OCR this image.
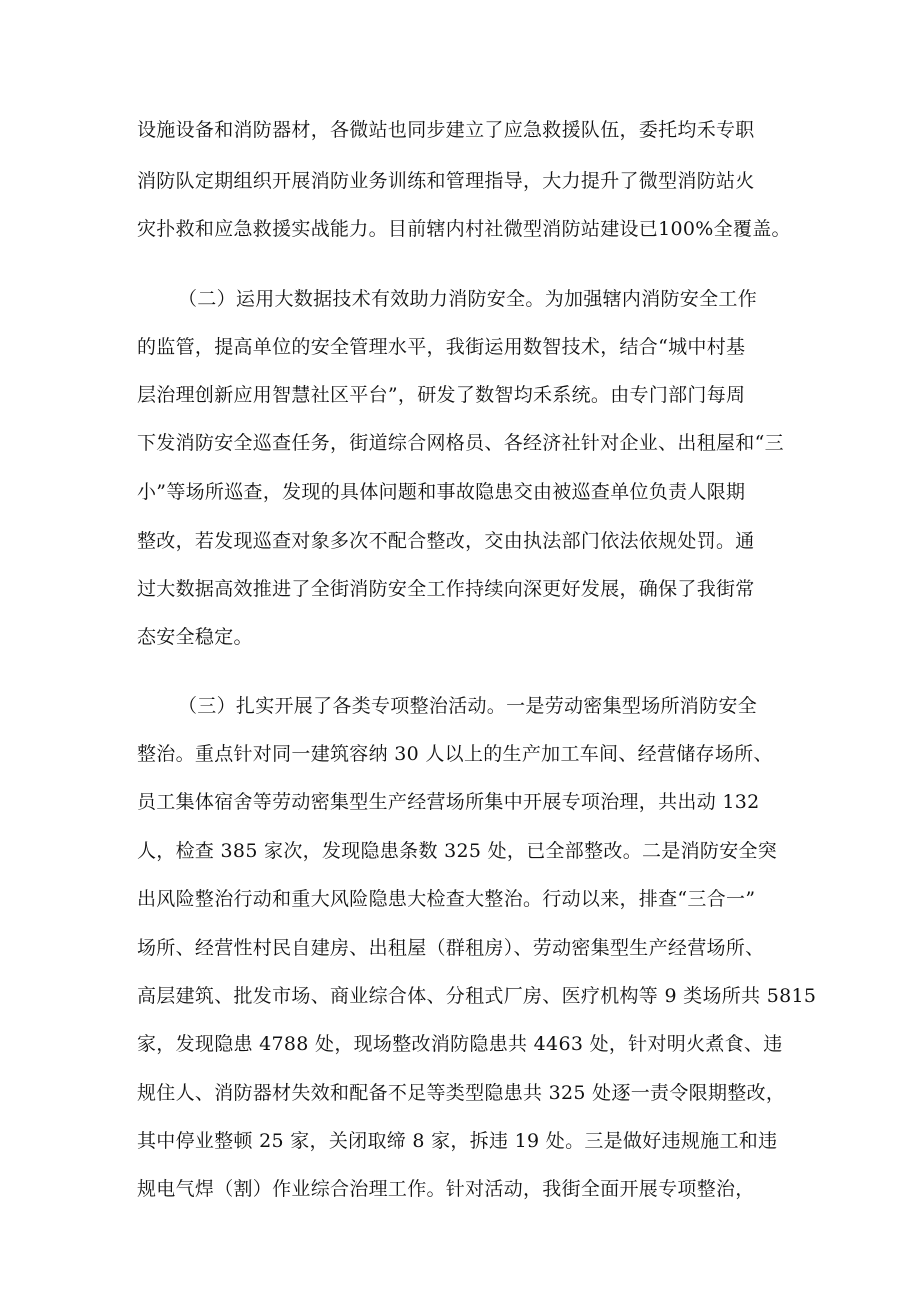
设施设备和消防器材，各微站也同步建立了应急救援队伍，委托均禾专职
消防队定期组织开展消防业务训练和管理指导，大力提升了微型消防站火
灾扑救和应急救援实战能力。目前辖内村社微型消防站建设已100%全覆盖。
（二）运用大数据技术有效助力消防安全。为加强辖内消防安全工作
的监管，提高单位的安全管理水平，我街运用数智技术，结合“城中村基
层治理创新应用智慧社区平台”，研发了数智均禾系统。由专门部门每周
下发消防安全巡查任务，街道综合网格员、各经济社针对企业、出租屋和“三
小”等场所巡查，发现的具体问题和事故隐患交由被巡查单位负责人限期
整改，若发现巡查对象多次不配合整改，交由执法部门依法依规处罚。通
过大数据高效推进了全街消防安全工作持续向深更好发展，确保了我街常
态安全稳定。
（三）扎实开展了各类专项整治活动。一是劳动密集型场所消防安全
整治。重点针对同一建筑容纳 30 人以上的生产加工车间、经营储存场所、
员工集体宿舍等劳动密集型生产经营场所集中开展专项治理，共出动 132
人，检查 385 家次，发现隐患条数 325 处，已全部整改。二是消防安全突
出风险整治行动和重大风险隐患大检查大整治。行动以来，排查“三合一”
场所、经营性村民自建房、出租屋（群租房）、劳动密集型生产经营场所、
高层建筑、批发市场、商业综合体、分租式厂房、医疗机构等 9 类场所共 5815
家，发现隐患 4788 处，现场整改消防隐患共 4463 处，针对明火煮食、违
规住人、消防器材失效和配备不足等类型隐患共 325 处逐一责令限期整改，
其中停业整顿 25 家，关闭取缔 8 家，拆违 19 处。三是做好违规施工和违
规电气焊（割）作业综合治理工作。针对活动，我街全面开展专项整治，
